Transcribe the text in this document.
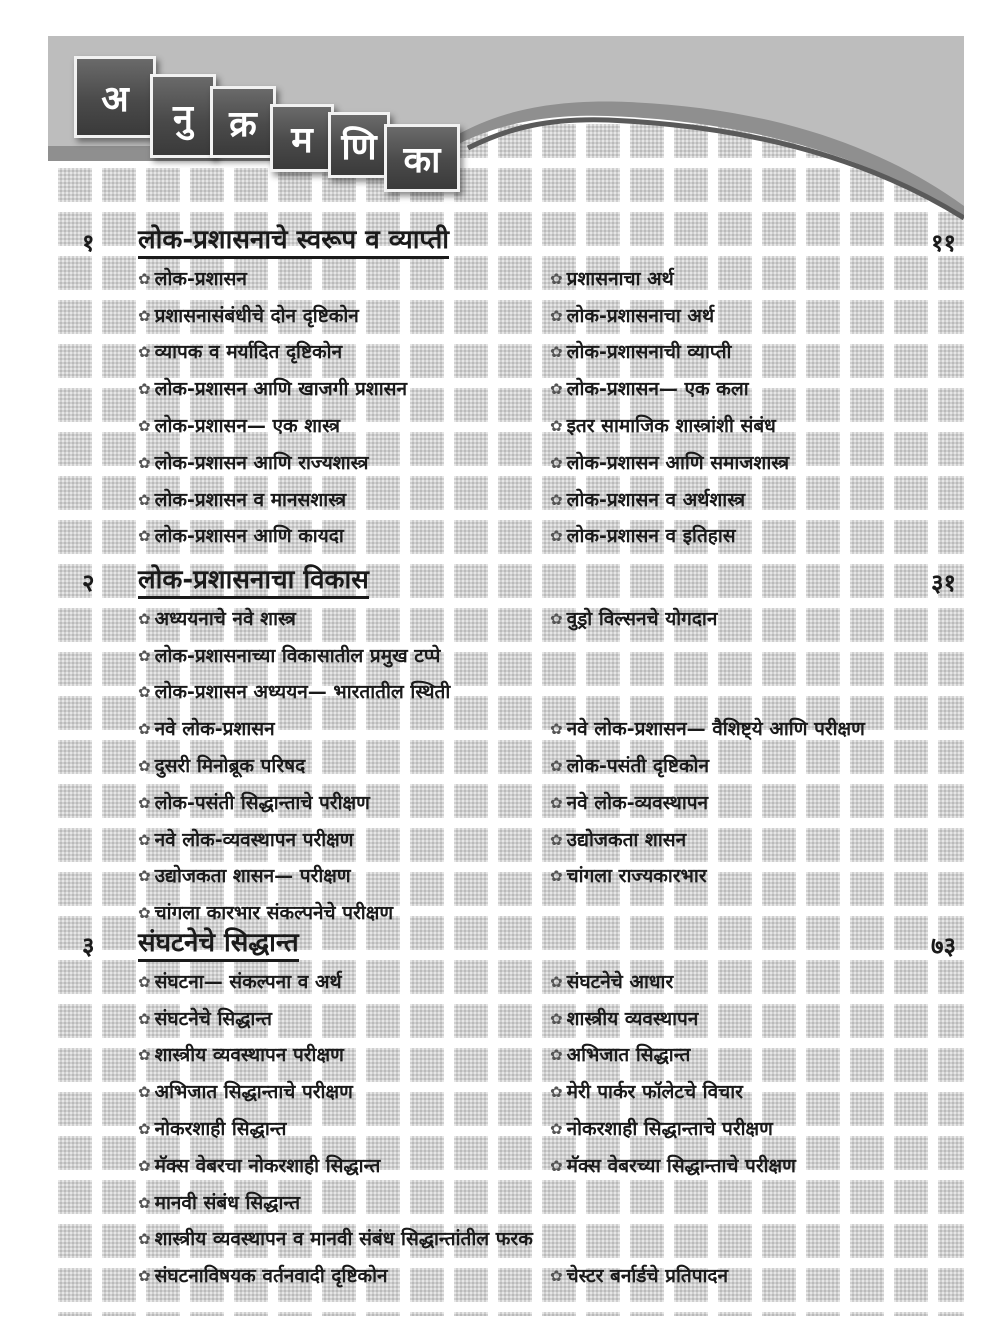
अ	नु	क्र म णि का
१ लोक-प्रशासनाचे स्वरूप व व्याप्ती	११
✿ लोक-प्रशासन	✿ प्रशासनाचा अर्थ
✿ प्रशासनासंबंधीचे दोन दृष्टिकोन	✿ लोक-प्रशासनाचा अर्थ
✿ व्यापक व मर्यादित दृष्टिकोन	✿ लोक-प्रशासनाची व्याप्ती
✿ लोक-प्रशासन आणि खाजगी प्रशासन	✿ लोक-प्रशासन— एक कला
✿ लोक-प्रशासन— एक शास्त्र	✿ इतर सामाजिक शास्त्रांशी संबंध
✿ लोक-प्रशासन आणि राज्यशास्त्र	✿ लोक-प्रशासन आणि समाजशास्त्र
✿ लोक-प्रशासन व मानसशास्त्र	✿ लोक-प्रशासन व अर्थशास्त्र
✿ लोक-प्रशासन आणि कायदा	✿ लोक-प्रशासन व इतिहास
२ लोक-प्रशासनाचा विकास	३१
✿ अध्ययनाचे नवे शास्त्र	✿ वुड्रो विल्सनचे योगदान
✿ लोक-प्रशासनाच्या विकासातील प्रमुख टप्पे
✿ लोक-प्रशासन अध्ययन— भारतातील स्थिती
✿ नवे लोक-प्रशासन	✿ नवे लोक-प्रशासन— वैशिष्ट्ये आणि परीक्षण
✿ दुसरी मिनोब्रूक परिषद	✿ लोक-पसंती दृष्टिकोन
✿ लोक-पसंती सिद्धान्ताचे परीक्षण	✿ नवे लोक-व्यवस्थापन
✿ नवे लोक-व्यवस्थापन परीक्षण	✿ उद्योजकता शासन
✿ उद्योजकता शासन— परीक्षण	✿ चांगला राज्यकारभार
✿ चांगला कारभार संकल्पनेचे परीक्षण
३ संघटनेचे सिद्धान्त	७३
✿ संघटना— संकल्पना व अर्थ	✿ संघटनेचे आधार
✿ संघटनेचे सिद्धान्त	✿ शास्त्रीय व्यवस्थापन
✿ शास्त्रीय व्यवस्थापन परीक्षण	✿ अभिजात सिद्धान्त
✿ अभिजात सिद्धान्ताचे परीक्षण	✿ मेरी पार्कर फॉलेटचे विचार
✿ नोकरशाही सिद्धान्त	✿ नोकरशाही सिद्धान्ताचे परीक्षण
✿ मॅक्स वेबरचा नोकरशाही सिद्धान्त	✿ मॅक्स वेबरच्या सिद्धान्ताचे परीक्षण
✿ मानवी संबंध सिद्धान्त
✿ शास्त्रीय व्यवस्थापन व मानवी संबंध सिद्धान्तांतील फरक
✿ संघटनाविषयक वर्तनवादी दृष्टिकोन	✿ चेस्टर बर्नार्डचे प्रतिपादन
